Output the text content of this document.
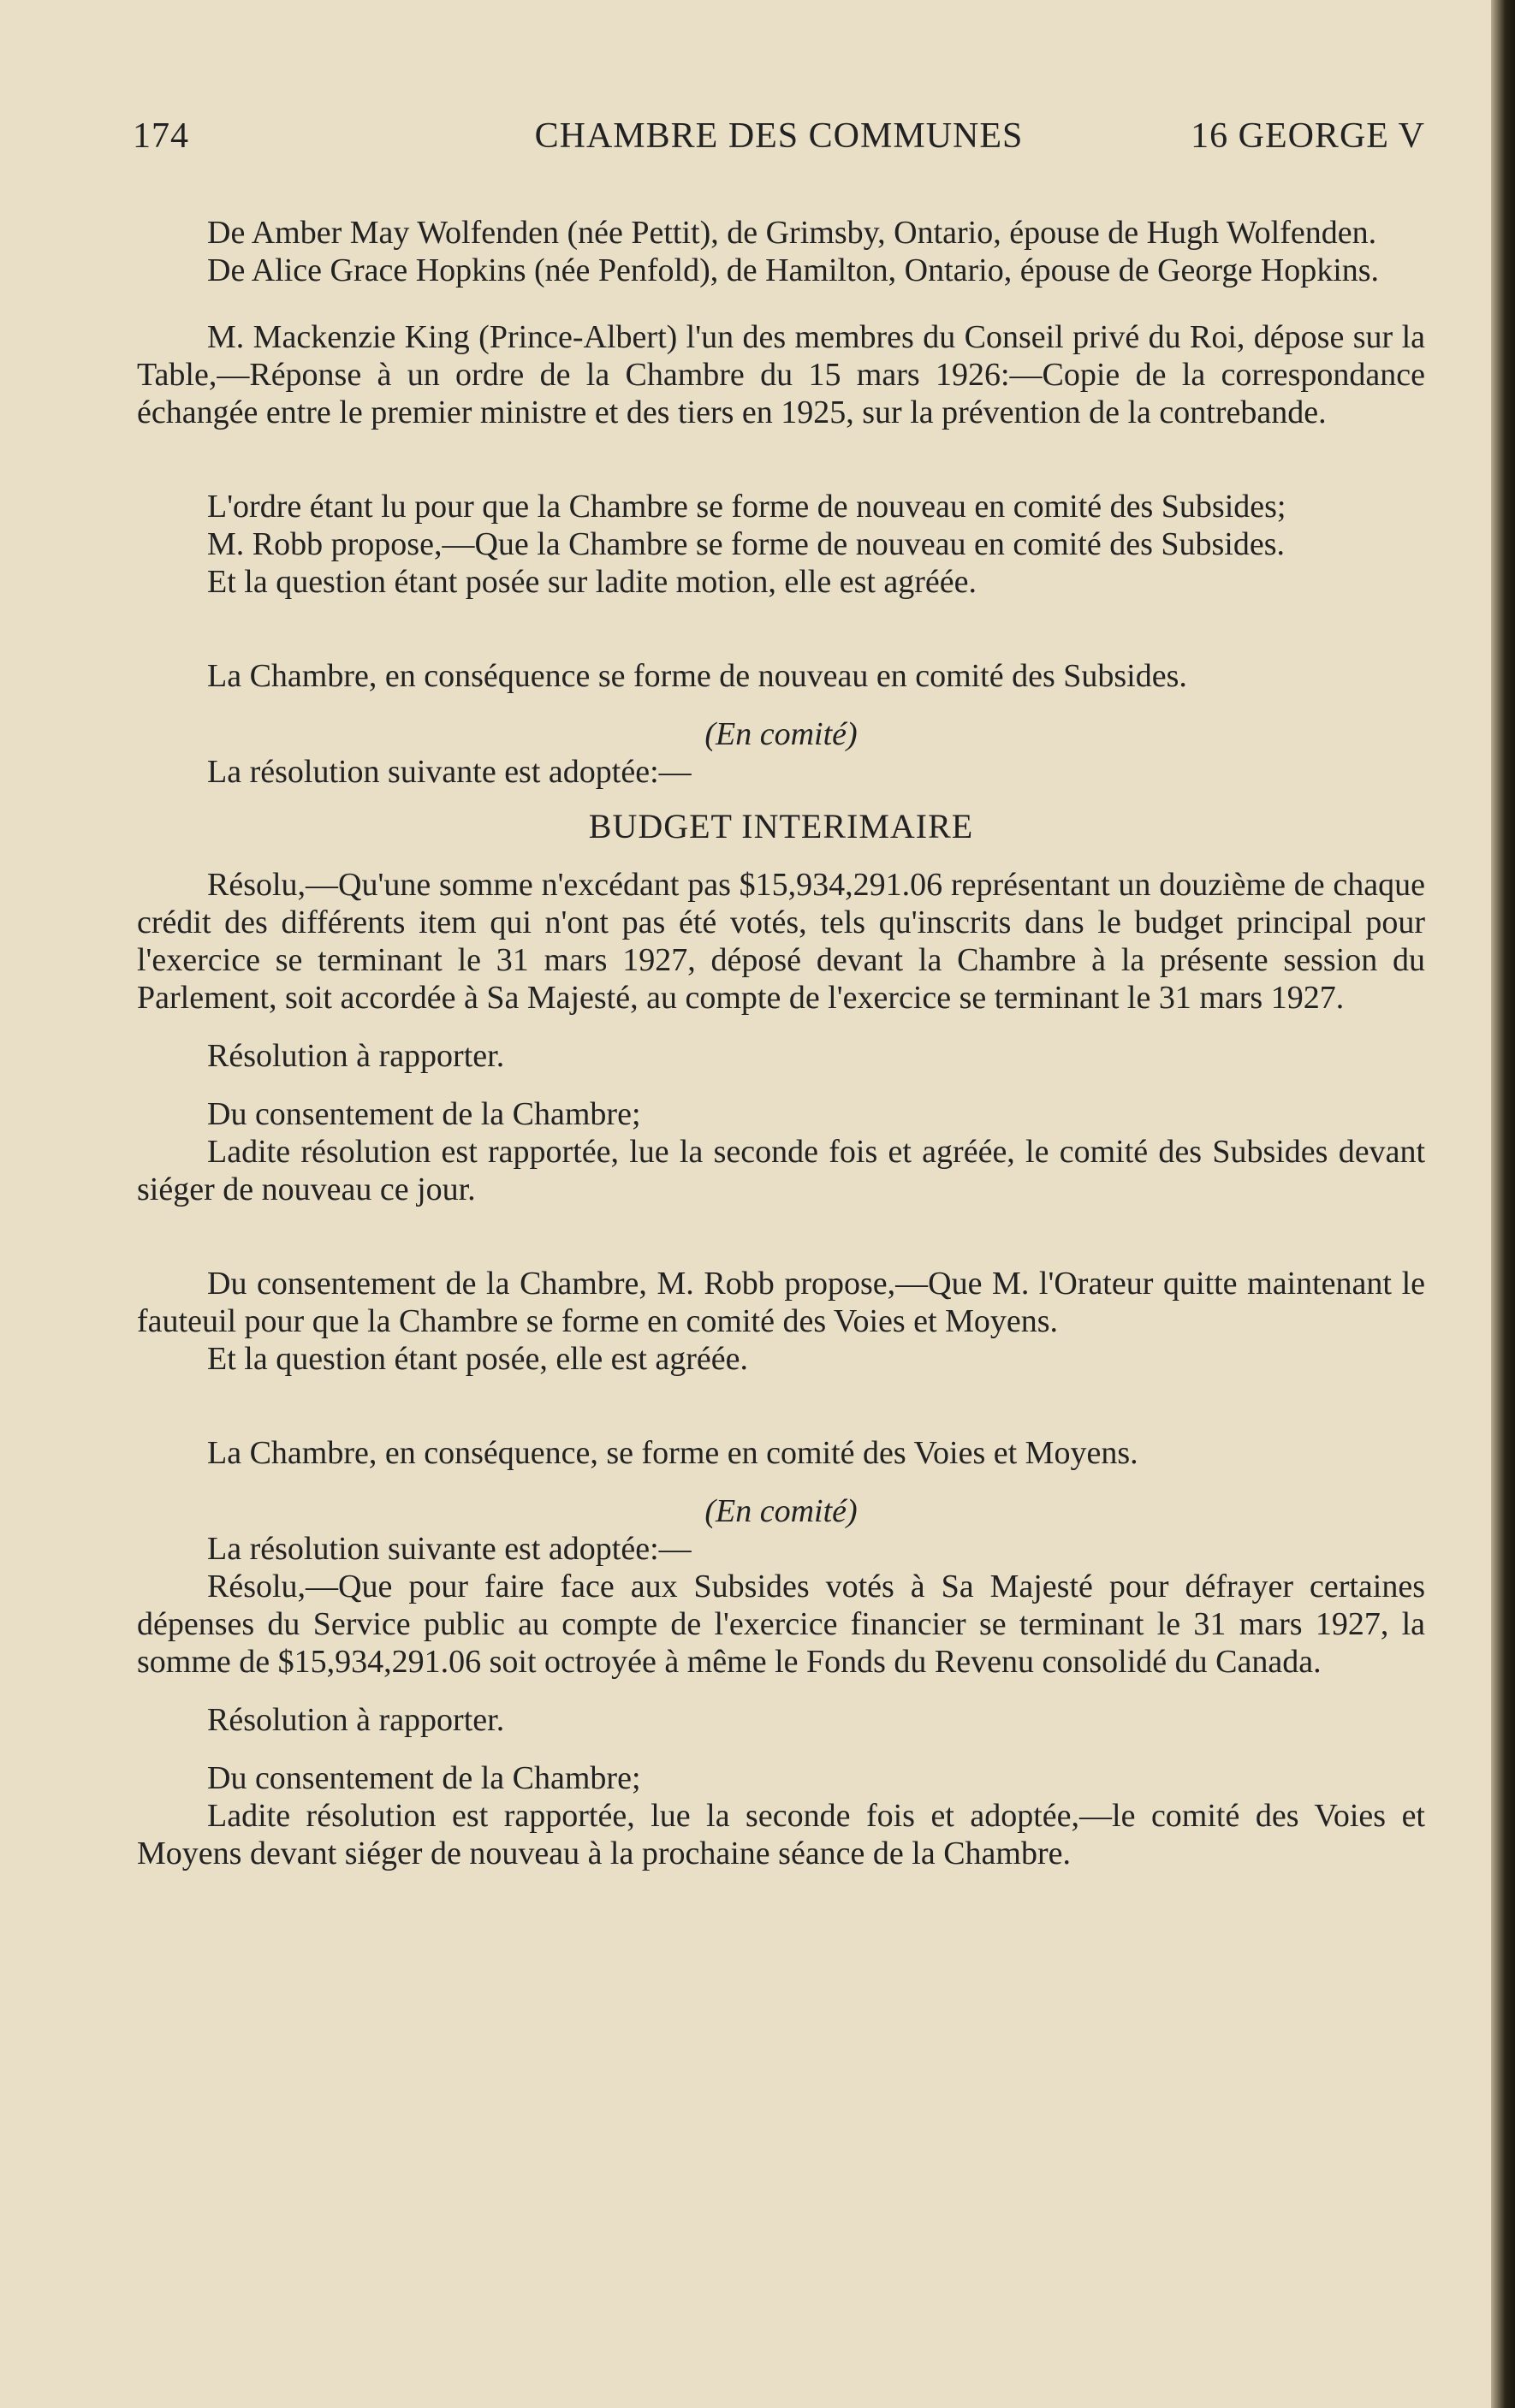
174	CHAMBRE DES COMMUNES	16 GEORGE V

De Amber May Wolfenden (née Pettit), de Grimsby, Ontario, épouse de Hugh Wolfenden.

De Alice Grace Hopkins (née Penfold), de Hamilton, Ontario, épouse de George Hopkins.

M. Mackenzie King (Prince-Albert) l'un des membres du Conseil privé du Roi, dépose sur la Table,—Réponse à un ordre de la Chambre du 15 mars 1926:—Copie de la correspondance échangée entre le premier ministre et des tiers en 1925, sur la prévention de la contrebande.

L'ordre étant lu pour que la Chambre se forme de nouveau en comité des Subsides;

M. Robb propose,—Que la Chambre se forme de nouveau en comité des Subsides.

Et la question étant posée sur ladite motion, elle est agréée.

La Chambre, en conséquence se forme de nouveau en comité des Subsides.

(En comité)

La résolution suivante est adoptée:—

BUDGET INTERIMAIRE

Résolu,—Qu'une somme n'excédant pas $15,934,291.06 représentant un douzième de chaque crédit des différents item qui n'ont pas été votés, tels qu'inscrits dans le budget principal pour l'exercice se terminant le 31 mars 1927, déposé devant la Chambre à la présente session du Parlement, soit accordée à Sa Majesté, au compte de l'exercice se terminant le 31 mars 1927.

Résolution à rapporter.

Du consentement de la Chambre;

Ladite résolution est rapportée, lue la seconde fois et agréée, le comité des Subsides devant siéger de nouveau ce jour.

Du consentement de la Chambre, M. Robb propose,—Que M. l'Orateur quitte maintenant le fauteuil pour que la Chambre se forme en comité des Voies et Moyens.

Et la question étant posée, elle est agréée.

La Chambre, en conséquence, se forme en comité des Voies et Moyens.

(En comité)

La résolution suivante est adoptée:—

Résolu,—Que pour faire face aux Subsides votés à Sa Majesté pour défrayer certaines dépenses du Service public au compte de l'exercice financier se terminant le 31 mars 1927, la somme de $15,934,291.06 soit octroyée à même le Fonds du Revenu consolidé du Canada.

Résolution à rapporter.

Du consentement de la Chambre;

Ladite résolution est rapportée, lue la seconde fois et adoptée,—le comité des Voies et Moyens devant siéger de nouveau à la prochaine séance de la Chambre.
